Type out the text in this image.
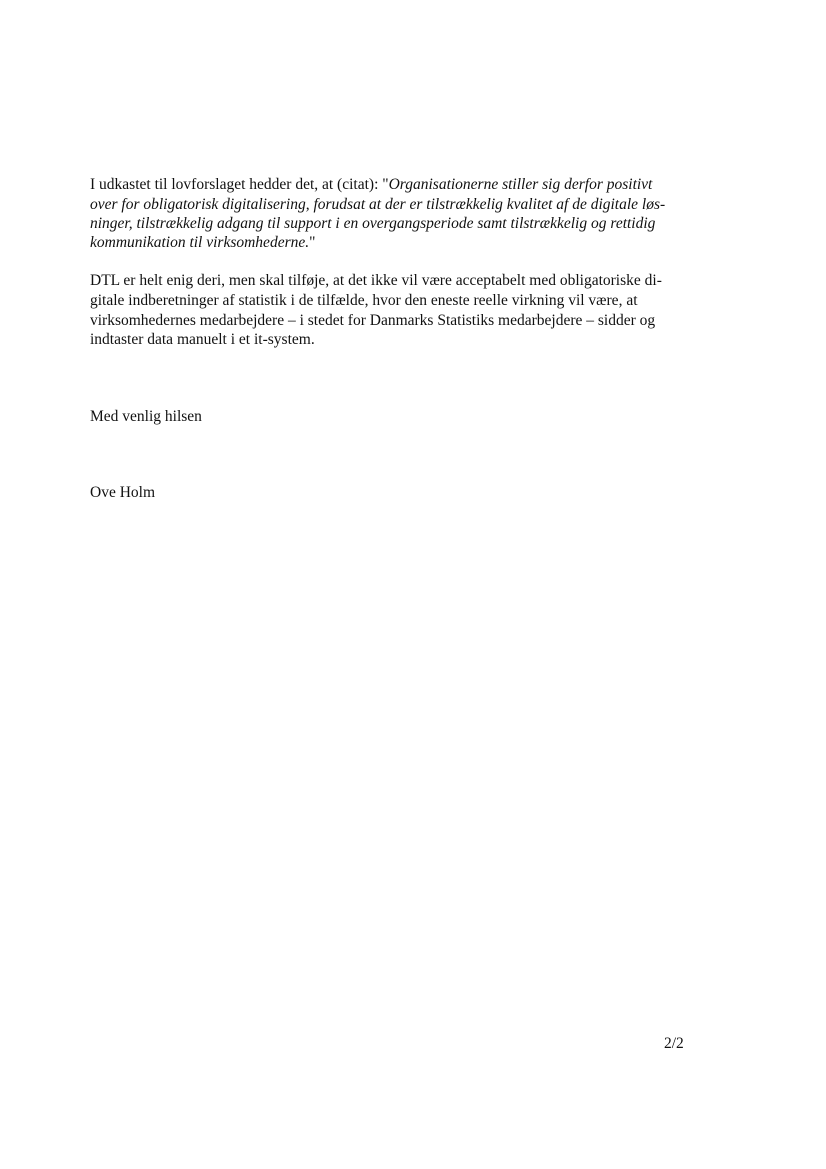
I udkastet til lovforslaget hedder det, at (citat): "Organisationerne stiller sig derfor positivt
over for obligatorisk digitalisering, forudsat at der er tilstrækkelig kvalitet af de digitale løs-
ninger, tilstrækkelig adgang til support i en overgangsperiode samt tilstrækkelig og rettidig
kommunikation til virksomhederne."
DTL er helt enig deri, men skal tilføje, at det ikke vil være acceptabelt med obligatoriske di-
gitale indberetninger af statistik i de tilfælde, hvor den eneste reelle virkning vil være, at
virksomhedernes medarbejdere – i stedet for Danmarks Statistiks medarbejdere – sidder og
indtaster data manuelt i et it-system.
Med venlig hilsen
Ove Holm
2/2
